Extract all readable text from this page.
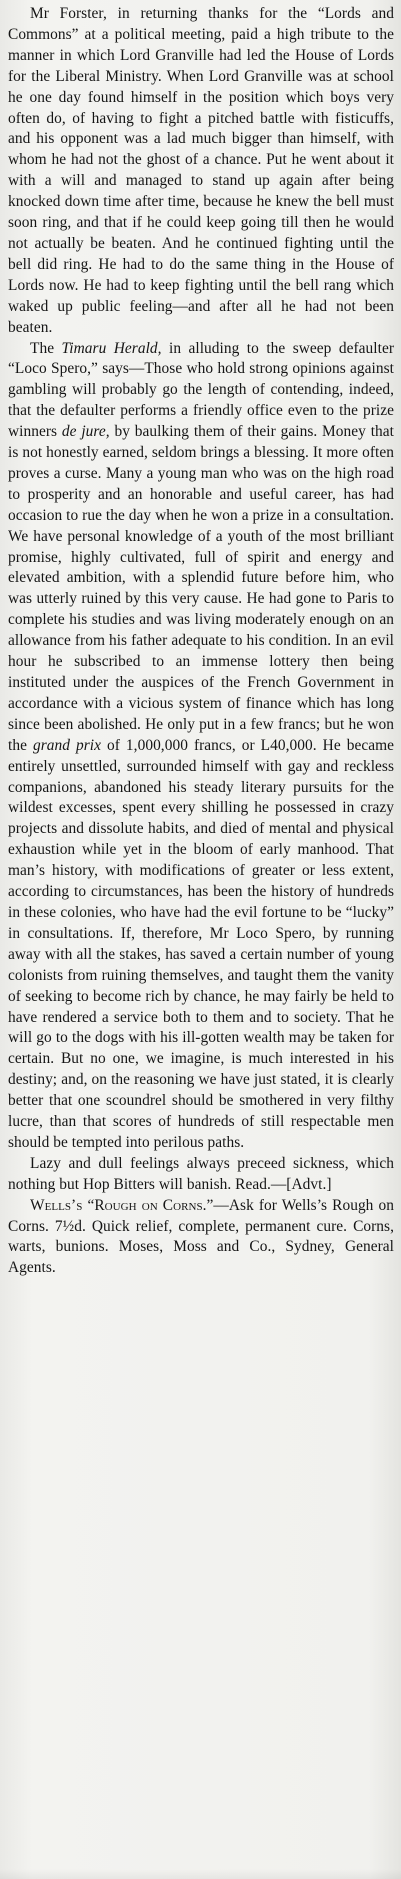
Mr Forster, in returning thanks for the “Lords and Commons” at a political meeting, paid a high tribute to the manner in which Lord Granville had led the House of Lords for the Liberal Ministry. When Lord Granville was at school he one day found himself in the position which boys very often do, of having to fight a pitched battle with fisticuffs, and his opponent was a lad much bigger than himself, with whom he had not the ghost of a chance. Put he went about it with a will and managed to stand up again after being knocked down time after time, because he knew the bell must soon ring, and that if he could keep going till then he would not actually be beaten. And he continued fighting until the bell did ring. He had to do the same thing in the House of Lords now. He had to keep fighting until the bell rang which waked up public feeling—and after all he had not been beaten.

The Timaru Herald, in alluding to the sweep defaulter “Loco Spero,” says—Those who hold strong opinions against gambling will probably go the length of contending, indeed, that the defaulter performs a friendly office even to the prize winners de jure, by baulking them of their gains. Money that is not honestly earned, seldom brings a blessing. It more often proves a curse. Many a young man who was on the high road to prosperity and an honorable and useful career, has had occasion to rue the day when he won a prize in a consultation. We have personal knowledge of a youth of the most brilliant promise, highly cultivated, full of spirit and energy and elevated ambition, with a splendid future before him, who was utterly ruined by this very cause. He had gone to Paris to complete his studies and was living moderately enough on an allowance from his father adequate to his condition. In an evil hour he subscribed to an immense lottery then being instituted under the auspices of the French Government in accordance with a vicious system of finance which has long since been abolished. He only put in a few francs; but he won the grand prix of 1,000,000 francs, or L40,000. He became entirely unsettled, surrounded himself with gay and reckless companions, abandoned his steady literary pursuits for the wildest excesses, spent every shilling he possessed in crazy projects and dissolute habits, and died of mental and physical exhaustion while yet in the bloom of early manhood. That man’s history, with modifications of greater or less extent, according to circumstances, has been the history of hundreds in these colonies, who have had the evil fortune to be “lucky” in consultations. If, therefore, Mr Loco Spero, by running away with all the stakes, has saved a certain number of young colonists from ruining themselves, and taught them the vanity of seeking to become rich by chance, he may fairly be held to have rendered a service both to them and to society. That he will go to the dogs with his ill-gotten wealth may be taken for certain. But no one, we imagine, is much interested in his destiny; and, on the reasoning we have just stated, it is clearly better that one scoundrel should be smothered in very filthy lucre, than that scores of hundreds of still respectable men should be tempted into perilous paths.

Lazy and dull feelings always preceed sickness, which nothing but Hop Bitters will banish. Read.—[Advt.]

Wells’s “Rough on Corns.”—Ask for Wells’s Rough on Corns. 7½d. Quick relief, complete, permanent cure. Corns, warts, bunions. Moses, Moss and Co., Sydney, General Agents.
